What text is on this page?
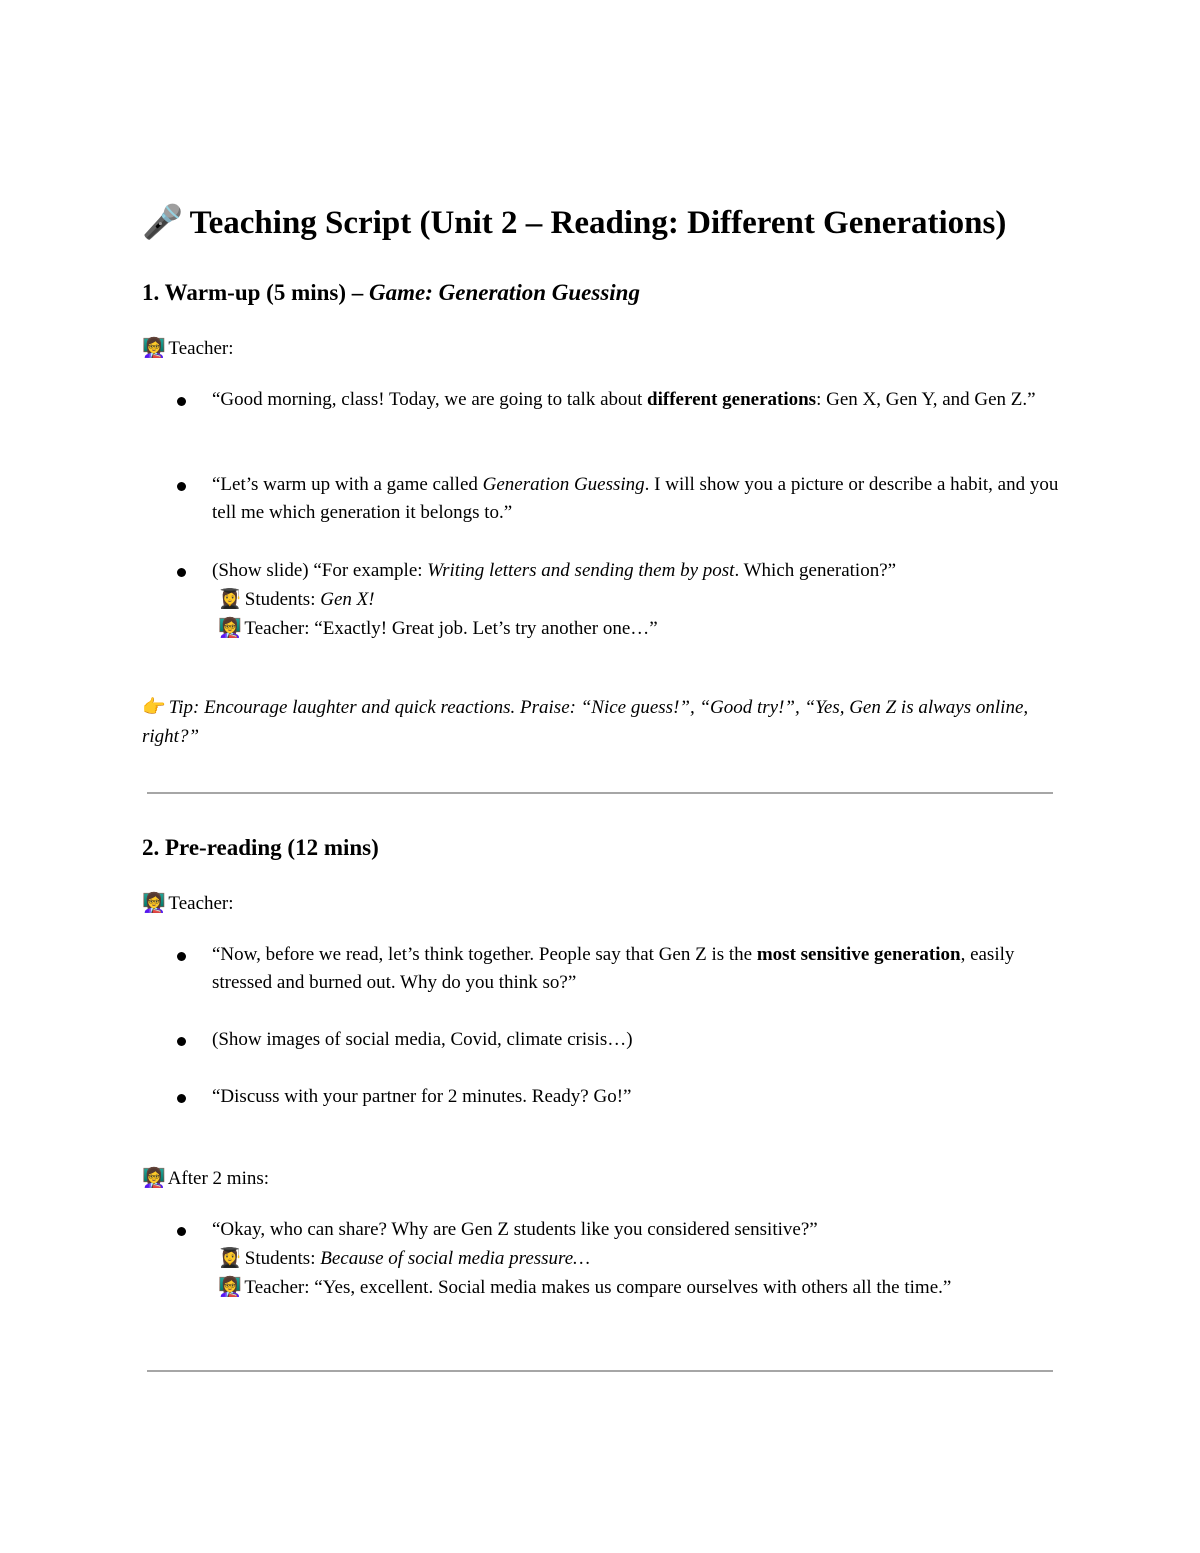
🎤 Teaching Script (Unit 2 – Reading: Different Generations)
1. Warm-up (5 mins) – Game: Generation Guessing
👩‍🏫 Teacher:
“Good morning, class! Today, we are going to talk about different generations: Gen X, Gen Y, and Gen Z.”
“Let’s warm up with a game called Generation Guessing. I will show you a picture or describe a habit, and you tell me which generation it belongs to.”
(Show slide) “For example: Writing letters and sending them by post. Which generation?”
👩‍🎓 Students: Gen X!
👩‍🏫 Teacher: “Exactly! Great job. Let’s try another one…”
👉 Tip: Encourage laughter and quick reactions. Praise: “Nice guess!”, “Good try!”, “Yes, Gen Z is always online, right?”
2. Pre-reading (12 mins)
👩‍🏫 Teacher:
“Now, before we read, let’s think together. People say that Gen Z is the most sensitive generation, easily stressed and burned out. Why do you think so?”
(Show images of social media, Covid, climate crisis…)
“Discuss with your partner for 2 minutes. Ready? Go!”
👩‍🏫 After 2 mins:
“Okay, who can share? Why are Gen Z students like you considered sensitive?”
👩‍🎓 Students: Because of social media pressure…
👩‍🏫 Teacher: “Yes, excellent. Social media makes us compare ourselves with others all the time.”
